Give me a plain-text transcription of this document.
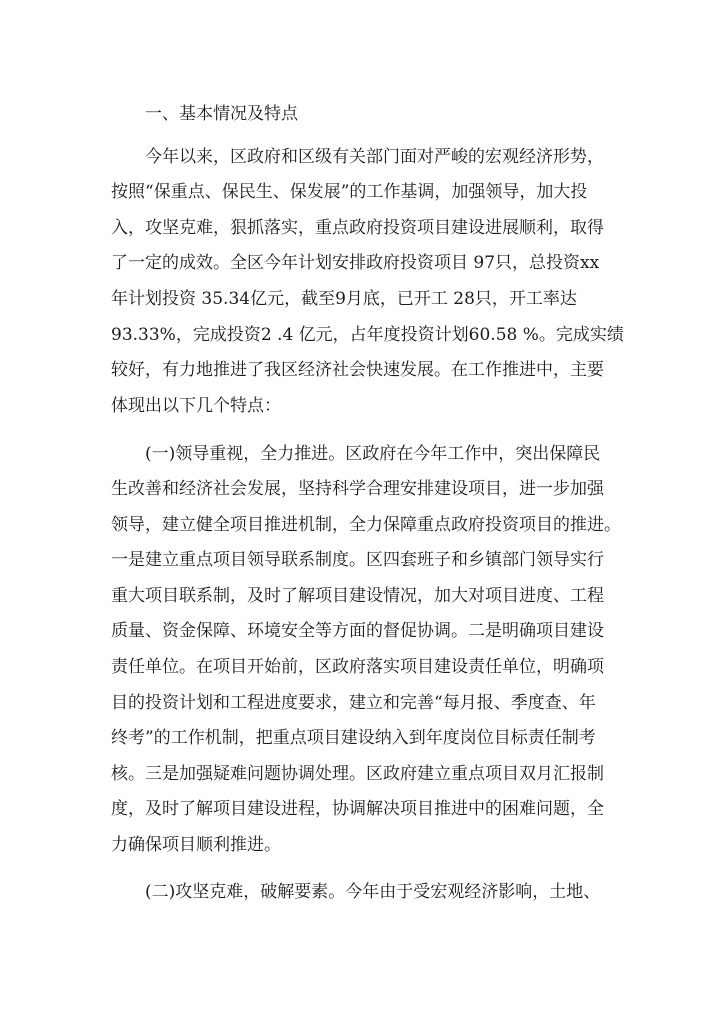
一、基本情况及特点
今年以来，区政府和区级有关部门面对严峻的宏观经济形势，
按照“保重点、保民生、保发展”的工作基调，加强领导，加大投
入，攻坚克难，狠抓落实，重点政府投资项目建设进展顺利，取得
了一定的成效。全区今年计划安排政府投资项目 97只，总投资xx
年计划投资 35.34亿元，截至9月底，已开工 28只，开工率达
93.33%，完成投资2 .4 亿元，占年度投资计划60.58 %。完成实绩
较好，有力地推进了我区经济社会快速发展。在工作推进中，主要
体现出以下几个特点：
(一)领导重视，全力推进。区政府在今年工作中，突出保障民
生改善和经济社会发展，坚持科学合理安排建设项目，进一步加强
领导，建立健全项目推进机制，全力保障重点政府投资项目的推进。
一是建立重点项目领导联系制度。区四套班子和乡镇部门领导实行
重大项目联系制，及时了解项目建设情况，加大对项目进度、工程
质量、资金保障、环境安全等方面的督促协调。二是明确项目建设
责任单位。在项目开始前，区政府落实项目建设责任单位，明确项
目的投资计划和工程进度要求，建立和完善“每月报、季度查、年
终考”的工作机制，把重点项目建设纳入到年度岗位目标责任制考
核。三是加强疑难问题协调处理。区政府建立重点项目双月汇报制
度，及时了解项目建设进程，协调解决项目推进中的困难问题，全
力确保项目顺利推进。
(二)攻坚克难，破解要素。今年由于受宏观经济影响，土地、
